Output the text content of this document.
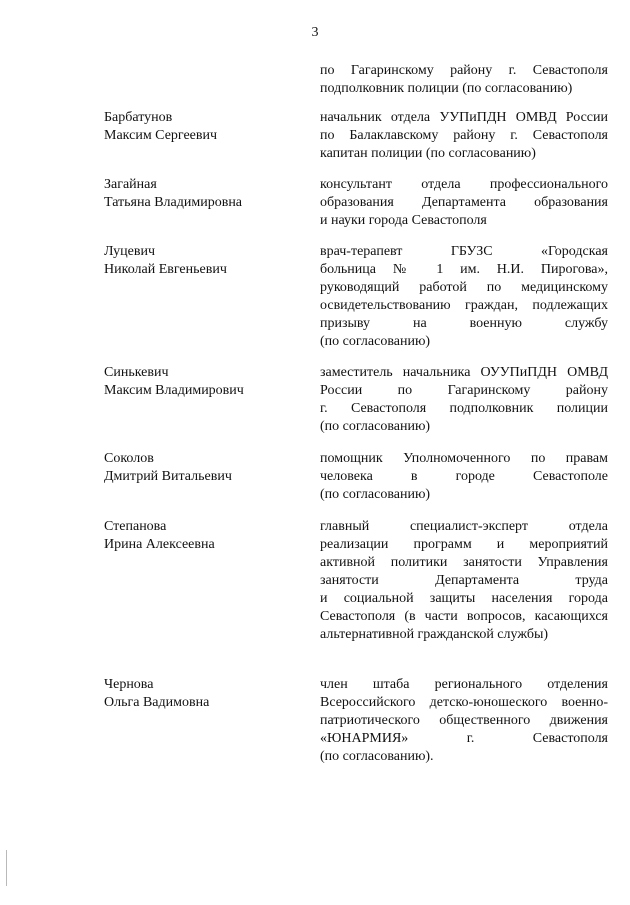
3
по Гагаринскому району г. Севастополя
подполковник полиции (по согласованию)
Барбатунов
Максим Сергеевич
начальник отдела УУПиПДН ОМВД России
по Балаклавскому району г. Севастополя
капитан полиции (по согласованию)
Загайная
Татьяна Владимировна
консультант отдела профессионального
образования Департамента образования
и науки города Севастополя
Луцевич
Николай Евгеньевич
врач-терапевт ГБУЗС «Городская
больница № 1 им. Н.И. Пирогова»,
руководящий работой по медицинскому
освидетельствованию граждан, подлежащих
призыву на военную службу
(по согласованию)
Синькевич
Максим Владимирович
заместитель начальника ОУУПиПДН ОМВД
России по Гагаринскому району
г. Севастополя подполковник полиции
(по согласованию)
Соколов
Дмитрий Витальевич
помощник Уполномоченного по правам
человека в городе Севастополе
(по согласованию)
Степанова
Ирина Алексеевна
главный специалист-эксперт отдела
реализации программ и мероприятий
активной политики занятости Управления
занятости Департамента труда
и социальной защиты населения города
Севастополя (в части вопросов, касающихся
альтернативной гражданской службы)
Чернова
Ольга Вадимовна
член штаба регионального отделения
Всероссийского детско-юношеского военно-
патриотического общественного движения
«ЮНАРМИЯ» г. Севастополя
(по согласованию).
